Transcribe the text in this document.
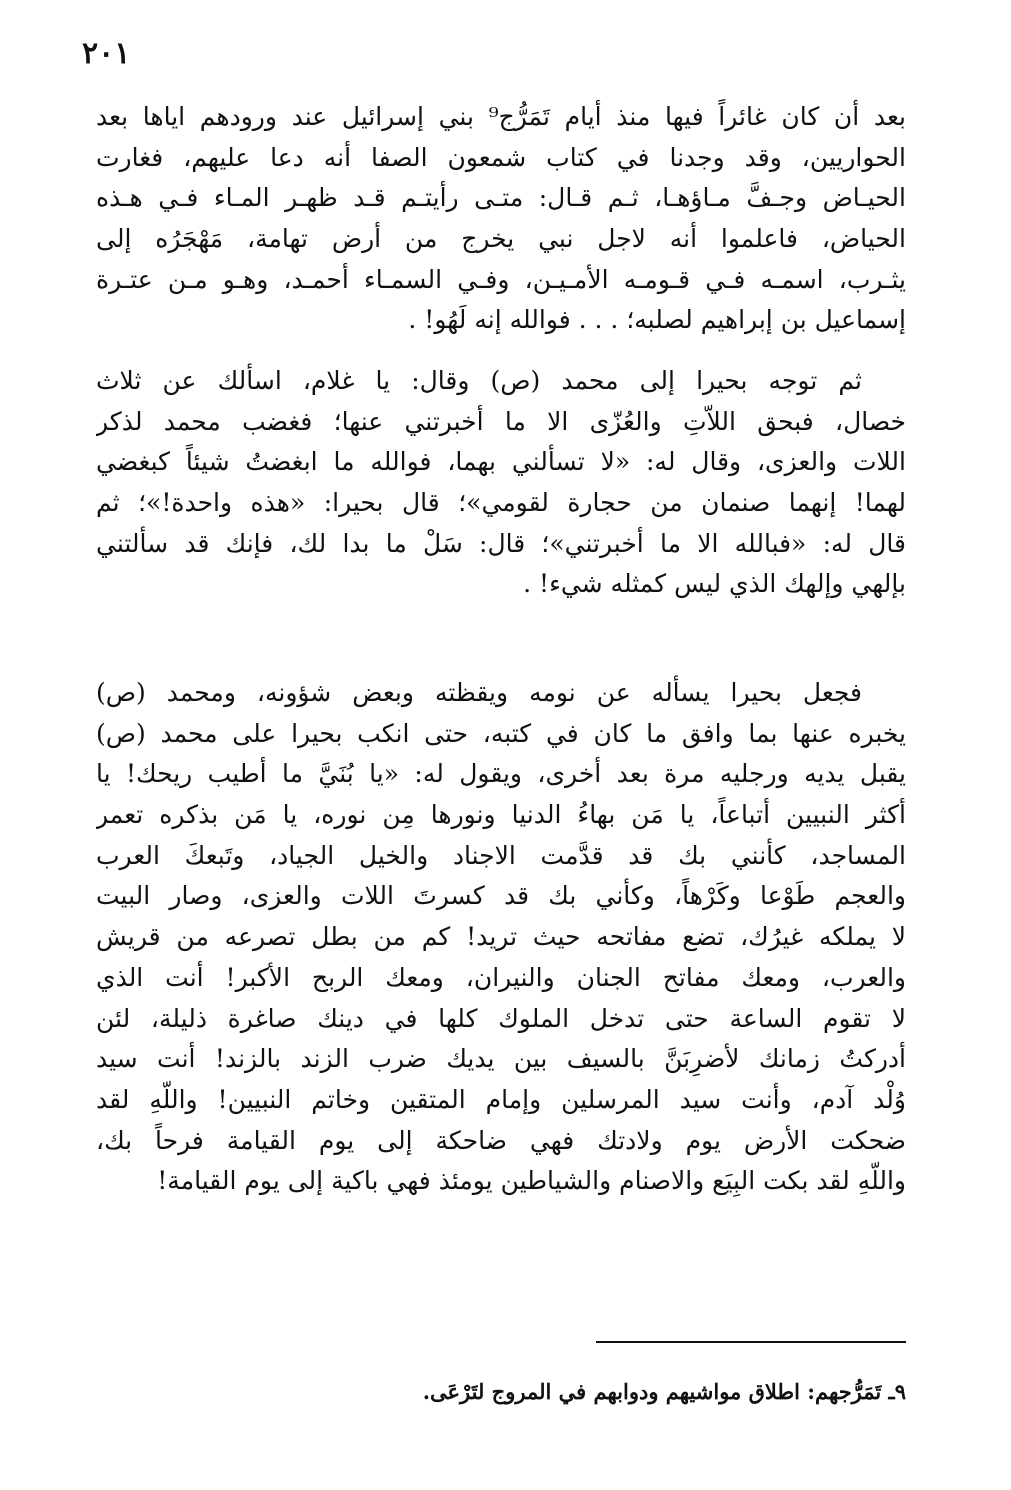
٢٠١
بعد أن كان غائراً فيها منذ أيام تَمَرُّج⁹ بني إسرائيل عند ورودهم اياها بعد
الحواريين، وقد وجدنا في كتاب شمعون الصفا أنه دعا عليهم، فغارت
الحيـاض وجـفَّ مـاؤهـا، ثـم قـال: متـى رأيتـم قـد ظهـر المـاء فـي هـذه
الحياض، فاعلموا أنه لاجل نبي يخرج من أرض تهامة، مَهْجَرُه إلى
يثـرب، اسمـه فـي قـومـه الأمـيـن، وفـي السمـاء أحمـد، وهـو مـن عتـرة
إسماعيل بن إبراهيم لصلبه؛ . . . فوالله إنه لَهُو! .
ثم توجه بحيرا إلى محمد (ص) وقال: يا غلام، اسألك عن ثلاث
خصال، فبحق اللاّتِ والعُزّى الا ما أخبرتني عنها؛ فغضب محمد لذكر
اللات والعزى، وقال له: «لا تسألني بهما، فوالله ما ابغضتُ شيئاً كبغضي
لهما! إنهما صنمان من حجارة لقومي»؛ قال بحيرا: «هذه واحدة!»؛ ثم
قال له: «فبالله الا ما أخبرتني»؛ قال: سَلْ ما بدا لك، فإنك قد سألتني
بإلهي وإلهك الذي ليس كمثله شيء! .
فجعل بحيرا يسأله عن نومه ويقظته وبعض شؤونه، ومحمد (ص)
يخبره عنها بما وافق ما كان في كتبه، حتى انكب بحيرا على محمد (ص)
يقبل يديه ورجليه مرة بعد أخرى، ويقول له: «يا بُنَيَّ ما أطيب ريحك! يا
أكثر النبيين أتباعاً، يا مَن بهاءُ الدنيا ونورها مِن نوره، يا مَن بذكره تعمر
المساجد، كأنني بك قد قدَّمت الاجناد والخيل الجياد، وتَبعكَ العرب
والعجم طَوْعا وكَرْهاً، وكأني بك قد كسرتَ اللات والعزى، وصار البيت
لا يملكه غيرُك، تضع مفاتحه حيث تريد! كم من بطل تصرعه من قريش
والعرب، ومعك مفاتح الجنان والنيران، ومعك الربح الأكبر! أنت الذي
لا تقوم الساعة حتى تدخل الملوك كلها في دينك صاغرة ذليلة، لئن
أدركتُ زمانك لأضرِبَنَّ بالسيف بين يديك ضرب الزند بالزند! أنت سيد
وُلْد آدم، وأنت سيد المرسلين وإمام المتقين وخاتم النبيين! واللّهِ لقد
ضحكت الأرض يوم ولادتك فهي ضاحكة إلى يوم القيامة فرحاً بك،
واللّهِ لقد بكت البِيَع والاصنام والشياطين يومئذ فهي باكية إلى يوم القيامة!
٩ـ تَمَرُّجهم: اطلاق مواشيهم ودوابهم في المروج لتَرْعَى.
